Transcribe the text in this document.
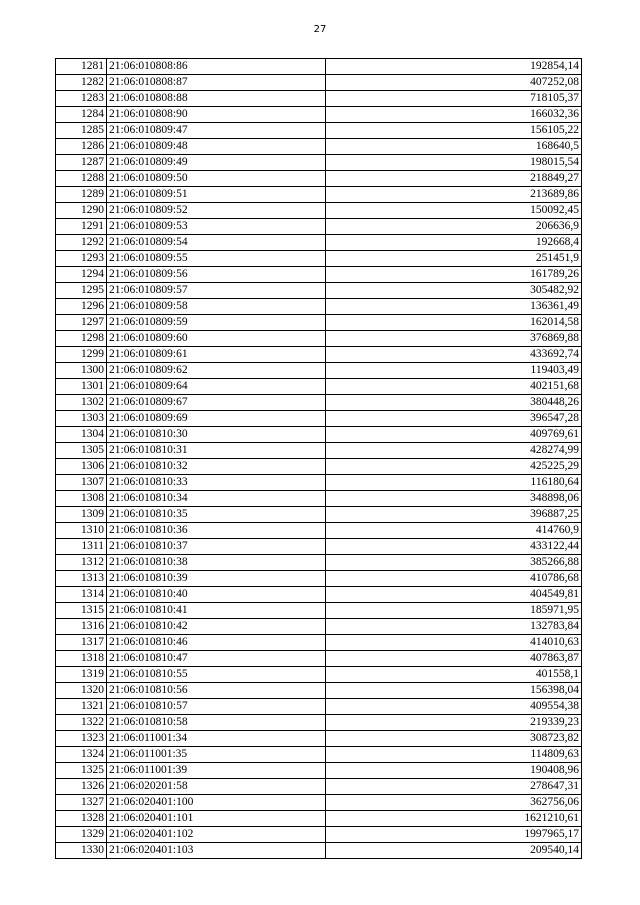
27
1281	21:06:010808:86	192854,14
1282	21:06:010808:87	407252,08
1283	21:06:010808:88	718105,37
1284	21:06:010808:90	166032,36
1285	21:06:010809:47	156105,22
1286	21:06:010809:48	168640,5
1287	21:06:010809:49	198015,54
1288	21:06:010809:50	218849,27
1289	21:06:010809:51	213689,86
1290	21:06:010809:52	150092,45
1291	21:06:010809:53	206636,9
1292	21:06:010809:54	192668,4
1293	21:06:010809:55	251451,9
1294	21:06:010809:56	161789,26
1295	21:06:010809:57	305482,92
1296	21:06:010809:58	136361,49
1297	21:06:010809:59	162014,58
1298	21:06:010809:60	376869,88
1299	21:06:010809:61	433692,74
1300	21:06:010809:62	119403,49
1301	21:06:010809:64	402151,68
1302	21:06:010809:67	380448,26
1303	21:06:010809:69	396547,28
1304	21:06:010810:30	409769,61
1305	21:06:010810:31	428274,99
1306	21:06:010810:32	425225,29
1307	21:06:010810:33	116180,64
1308	21:06:010810:34	348898,06
1309	21:06:010810:35	396887,25
1310	21:06:010810:36	414760,9
1311	21:06:010810:37	433122,44
1312	21:06:010810:38	385266,88
1313	21:06:010810:39	410786,68
1314	21:06:010810:40	404549,81
1315	21:06:010810:41	185971,95
1316	21:06:010810:42	132783,84
1317	21:06:010810:46	414010,63
1318	21:06:010810:47	407863,87
1319	21:06:010810:55	401558,1
1320	21:06:010810:56	156398,04
1321	21:06:010810:57	409554,38
1322	21:06:010810:58	219339,23
1323	21:06:011001:34	308723,82
1324	21:06:011001:35	114809,63
1325	21:06:011001:39	190408,96
1326	21:06:020201:58	278647,31
1327	21:06:020401:100	362756,06
1328	21:06:020401:101	1621210,61
1329	21:06:020401:102	1997965,17
1330	21:06:020401:103	209540,14
